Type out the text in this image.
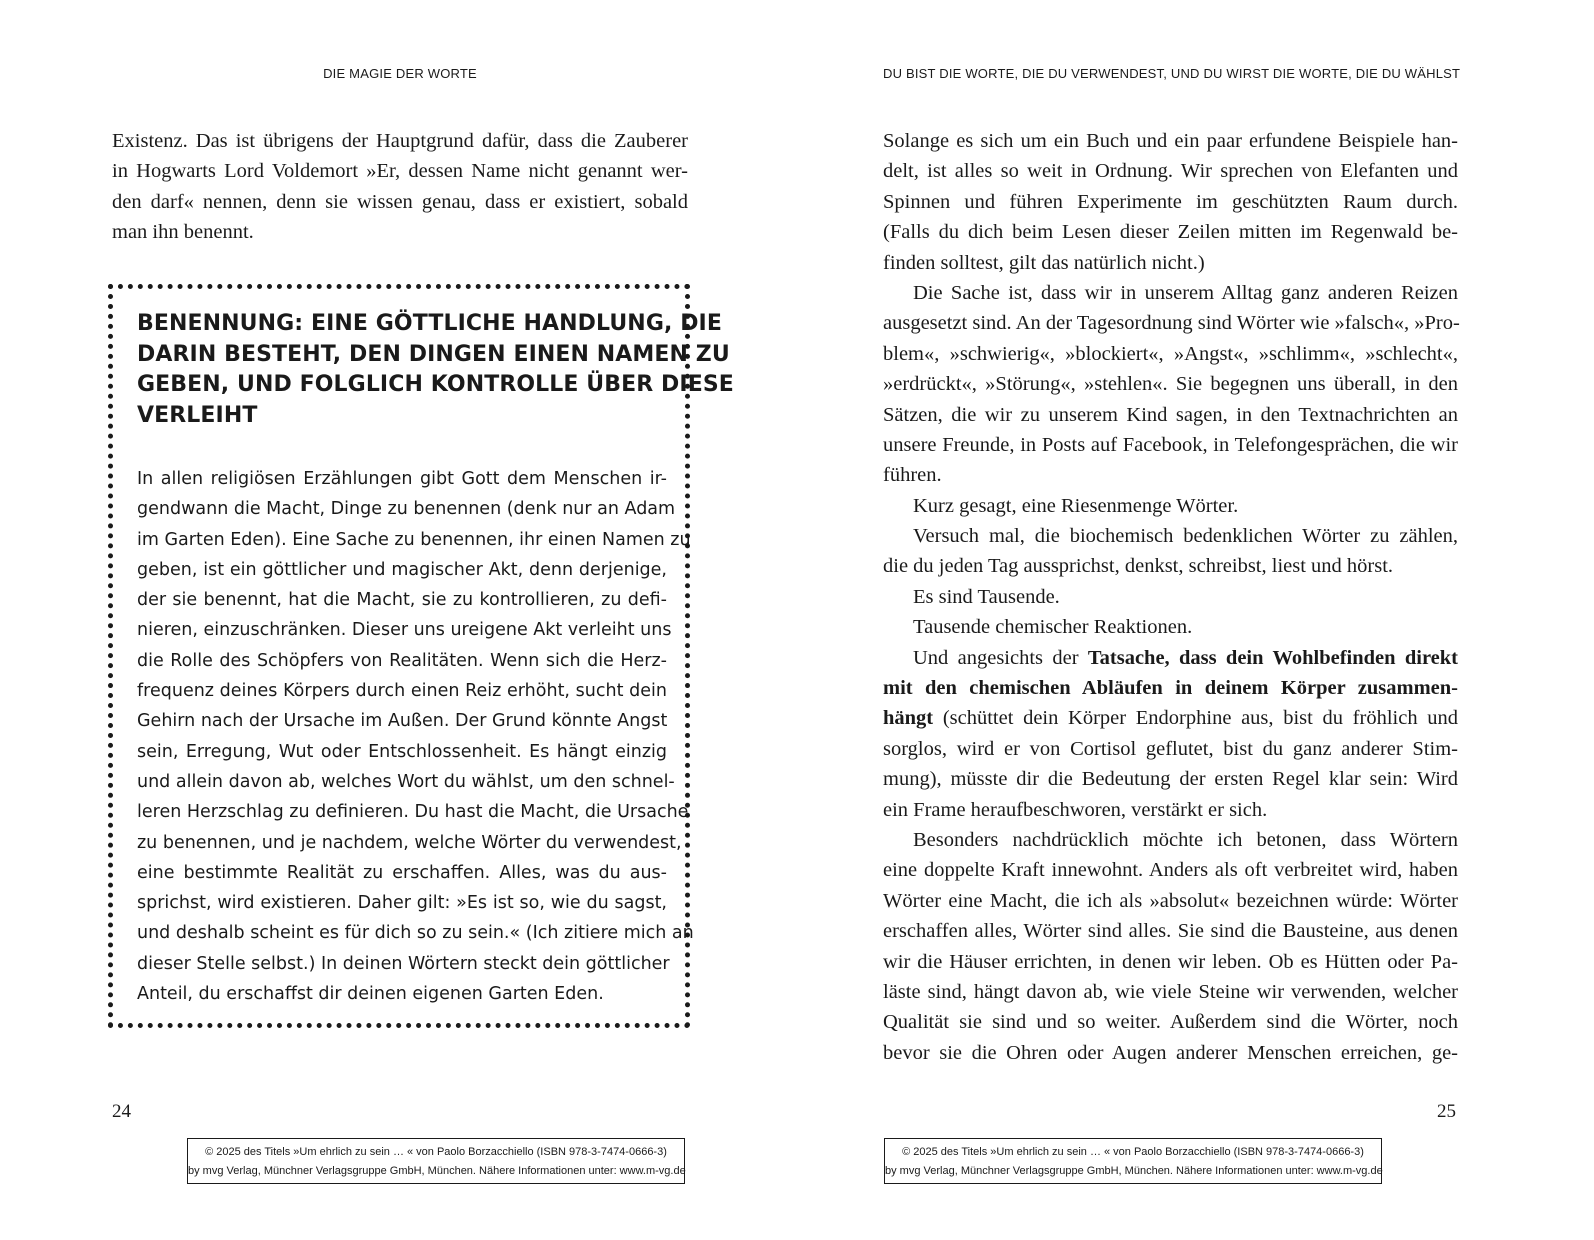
DIE MAGIE DER WORTE
Existenz. Das ist übrigens der Hauptgrund dafür, dass die Zauberer
in Hogwarts Lord Voldemort »Er, dessen Name nicht genannt wer-
den darf« nennen, denn sie wissen genau, dass er existiert, sobald
man ihn benennt.
BENENNUNG: EINE GÖTTLICHE HANDLUNG, DIE
DARIN BESTEHT, DEN DINGEN EINEN NAMEN ZU
GEBEN, UND FOLGLICH KONTROLLE ÜBER DIESE
VERLEIHT
In allen religiösen Erzählungen gibt Gott dem Menschen ir-
gendwann die Macht, Dinge zu benennen (denk nur an Adam
im Garten Eden). Eine Sache zu benennen, ihr einen Namen zu
geben, ist ein göttlicher und magischer Akt, denn derjenige,
der sie benennt, hat die Macht, sie zu kontrollieren, zu defi-
nieren, einzuschränken. Dieser uns ureigene Akt verleiht uns
die Rolle des Schöpfers von Realitäten. Wenn sich die Herz-
frequenz deines Körpers durch einen Reiz erhöht, sucht dein
Gehirn nach der Ursache im Außen. Der Grund könnte Angst
sein, Erregung, Wut oder Entschlossenheit. Es hängt einzig
und allein davon ab, welches Wort du wählst, um den schnel-
leren Herzschlag zu definieren. Du hast die Macht, die Ursache
zu benennen, und je nachdem, welche Wörter du verwendest,
eine bestimmte Realität zu erschaffen. Alles, was du aus-
sprichst, wird existieren. Daher gilt: »Es ist so, wie du sagst,
und deshalb scheint es für dich so zu sein.« (Ich zitiere mich an
dieser Stelle selbst.) In deinen Wörtern steckt dein göttlicher
Anteil, du erschaffst dir deinen eigenen Garten Eden.
24
© 2025 des Titels »Um ehrlich zu sein … « von Paolo Borzacchiello (ISBN 978-3-7474-0666-3)
by mvg Verlag, Münchner Verlagsgruppe GmbH, München. Nähere Informationen unter: www.m-vg.de
DU BIST DIE WORTE, DIE DU VERWENDEST, UND DU WIRST DIE WORTE, DIE DU WÄHLST
Solange es sich um ein Buch und ein paar erfundene Beispiele han-
delt, ist alles so weit in Ordnung. Wir sprechen von Elefanten und
Spinnen und führen Experimente im geschützten Raum durch.
(Falls du dich beim Lesen dieser Zeilen mitten im Regenwald be-
finden solltest, gilt das natürlich nicht.)
Die Sache ist, dass wir in unserem Alltag ganz anderen Reizen
ausgesetzt sind. An der Tagesordnung sind Wörter wie »falsch«, »Pro-
blem«, »schwierig«, »blockiert«, »Angst«, »schlimm«, »schlecht«,
»erdrückt«, »Störung«, »stehlen«. Sie begegnen uns überall, in den
Sätzen, die wir zu unserem Kind sagen, in den Textnachrichten an
unsere Freunde, in Posts auf Facebook, in Telefongesprächen, die wir
führen.
Kurz gesagt, eine Riesenmenge Wörter.
Versuch mal, die biochemisch bedenklichen Wörter zu zählen,
die du jeden Tag aussprichst, denkst, schreibst, liest und hörst.
Es sind Tausende.
Tausende chemischer Reaktionen.
Und angesichts der Tatsache, dass dein Wohlbefinden direkt
mit den chemischen Abläufen in deinem Körper zusammen-
hängt (schüttet dein Körper Endorphine aus, bist du fröhlich und
sorglos, wird er von Cortisol geflutet, bist du ganz anderer Stim-
mung), müsste dir die Bedeutung der ersten Regel klar sein: Wird
ein Frame heraufbeschworen, verstärkt er sich.
Besonders nachdrücklich möchte ich betonen, dass Wörtern
eine doppelte Kraft innewohnt. Anders als oft verbreitet wird, haben
Wörter eine Macht, die ich als »absolut« bezeichnen würde: Wörter
erschaffen alles, Wörter sind alles. Sie sind die Bausteine, aus denen
wir die Häuser errichten, in denen wir leben. Ob es Hütten oder Pa-
läste sind, hängt davon ab, wie viele Steine wir verwenden, welcher
Qualität sie sind und so weiter. Außerdem sind die Wörter, noch
bevor sie die Ohren oder Augen anderer Menschen erreichen, ge-
25
© 2025 des Titels »Um ehrlich zu sein … « von Paolo Borzacchiello (ISBN 978-3-7474-0666-3)
by mvg Verlag, Münchner Verlagsgruppe GmbH, München. Nähere Informationen unter: www.m-vg.de
